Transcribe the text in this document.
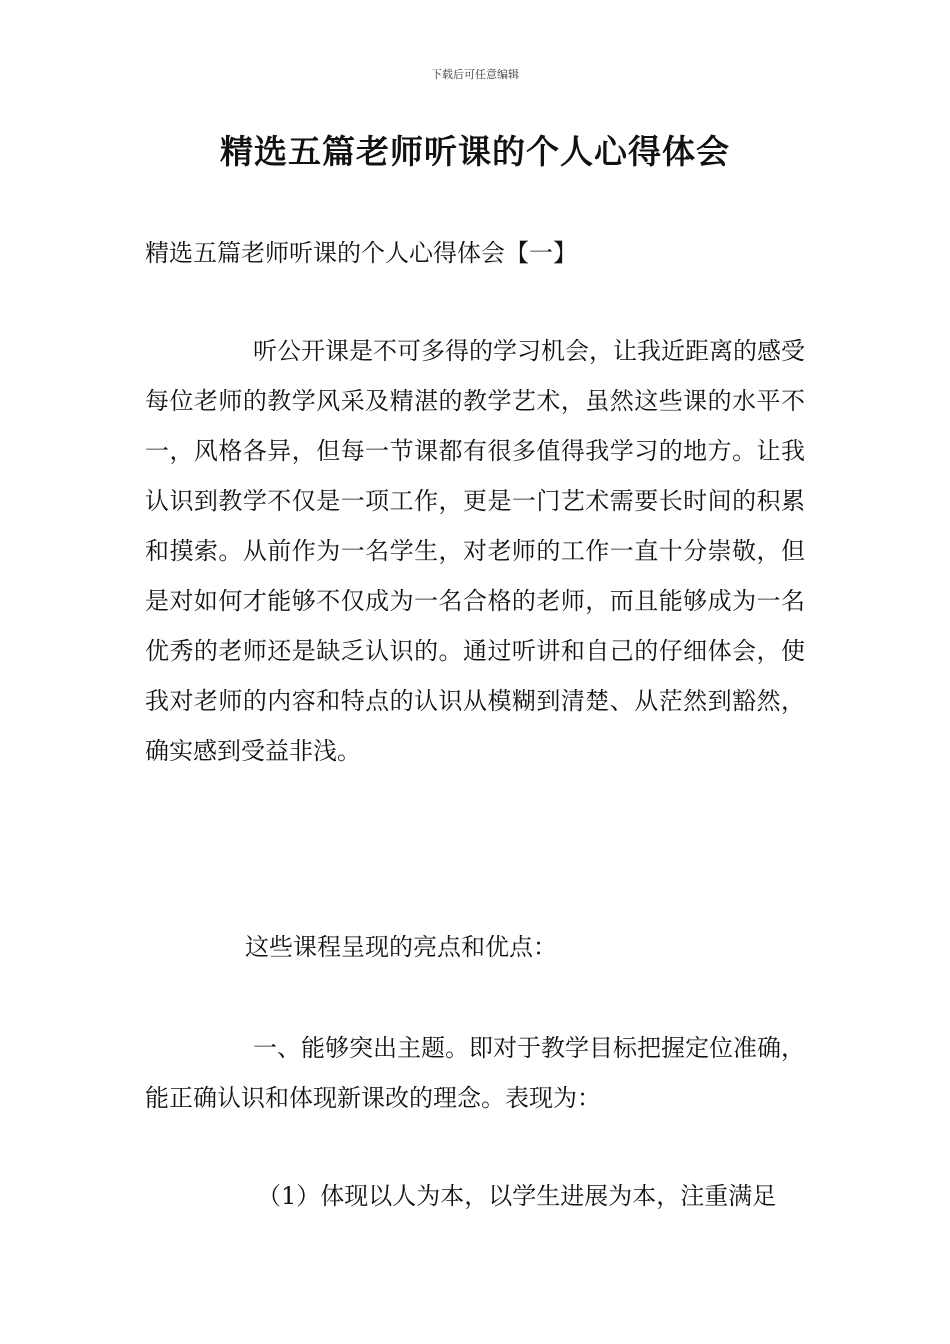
下载后可任意编辑
精选五篇老师听课的个人心得体会
精选五篇老师听课的个人心得体会【一】

听公开课是不可多得的学习机会，让我近距离的感受每位老师的教学风采及精湛的教学艺术，虽然这些课的水平不一，风格各异，但每一节课都有很多值得我学习的地方。让我认识到教学不仅是一项工作，更是一门艺术需要长时间的积累和摸索。从前作为一名学生，对老师的工作一直十分崇敬，但是对如何才能够不仅成为一名合格的老师，而且能够成为一名优秀的老师还是缺乏认识的。通过听讲和自己的仔细体会，使我对老师的内容和特点的认识从模糊到清楚、从茫然到豁然，确实感到受益非浅。

这些课程呈现的亮点和优点：

一、能够突出主题。即对于教学目标把握定位准确，能正确认识和体现新课改的理念。表现为：

（1）体现以人为本，以学生进展为本，注重满足
